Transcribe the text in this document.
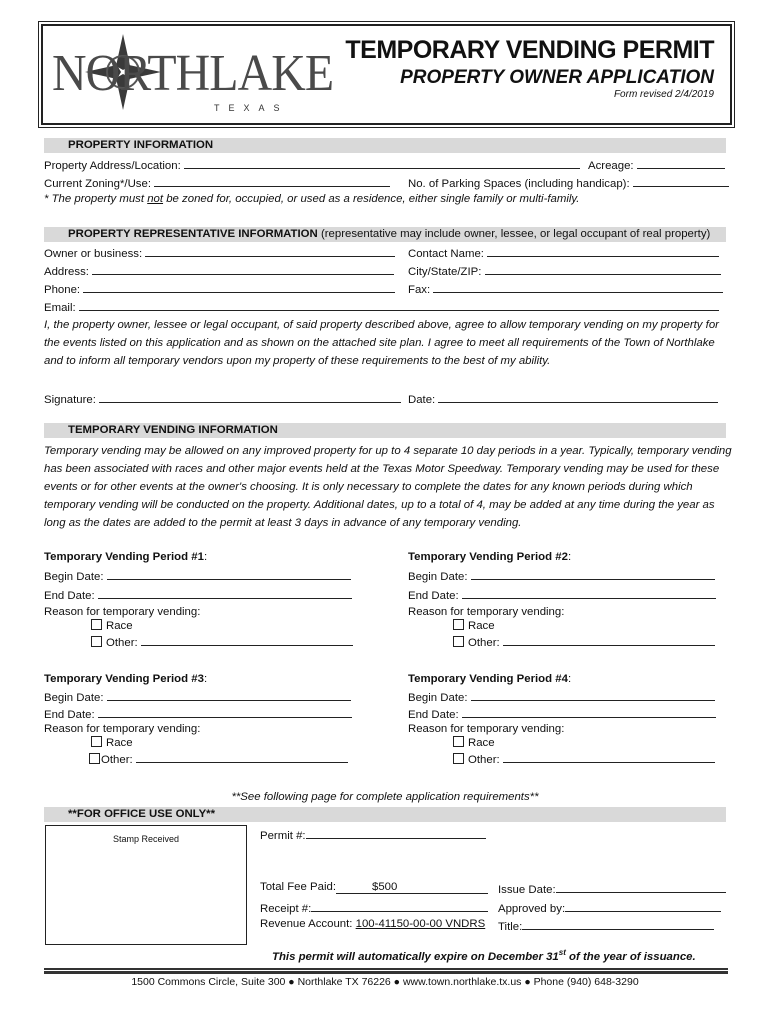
NORTHLAKE
TEXAS
TEMPORARY VENDING PERMIT
PROPERTY OWNER APPLICATION
Form revised 2/4/2019
PROPERTY INFORMATION
Property Address/Location:	Acreage:
Current Zoning*/Use:	No. of Parking Spaces (including handicap):
* The property must not be zoned for, occupied, or used as a residence, either single family or multi-family.
PROPERTY REPRESENTATIVE INFORMATION (representative may include owner, lessee, or legal occupant of real property)
Owner or business:	Contact Name:
Address:	City/State/ZIP:
Phone:	Fax:
Email:
I, the property owner, lessee or legal occupant, of said property described above, agree to allow temporary vending on my property for the events listed on this application and as shown on the attached site plan. I agree to meet all requirements of the Town of Northlake and to inform all temporary vendors upon my property of these requirements to the best of my ability.
Signature:	Date:
TEMPORARY VENDING INFORMATION
Temporary vending may be allowed on any improved property for up to 4 separate 10 day periods in a year. Typically, temporary vending has been associated with races and other major events held at the Texas Motor Speedway. Temporary vending may be used for these events or for other events at the owner's choosing. It is only necessary to complete the dates for any known periods during which temporary vending will be conducted on the property. Additional dates, up to a total of 4, may be added at any time during the year as long as the dates are added to the permit at least 3 days in advance of any temporary vending.
Temporary Vending Period #1:
Begin Date:
End Date:
Reason for temporary vending:
Race
Other:
Temporary Vending Period #2:
Begin Date:
End Date:
Reason for temporary vending:
Race
Other:
Temporary Vending Period #3:
Begin Date:
End Date:
Reason for temporary vending:
Race
Other:
Temporary Vending Period #4:
Begin Date:
End Date:
Reason for temporary vending:
Race
Other:
**See following page for complete application requirements**
**FOR OFFICE USE ONLY**
Stamp Received	Permit #:
Total Fee Paid:	$500	Issue Date:
Receipt #:	Approved by:
Revenue Account: 100-41150-00-00 VNDRS Title:
This permit will automatically expire on December 31st of the year of issuance.
1500 Commons Circle, Suite 300 ● Northlake TX 76226 ● www.town.northlake.tx.us ● Phone (940) 648-3290
